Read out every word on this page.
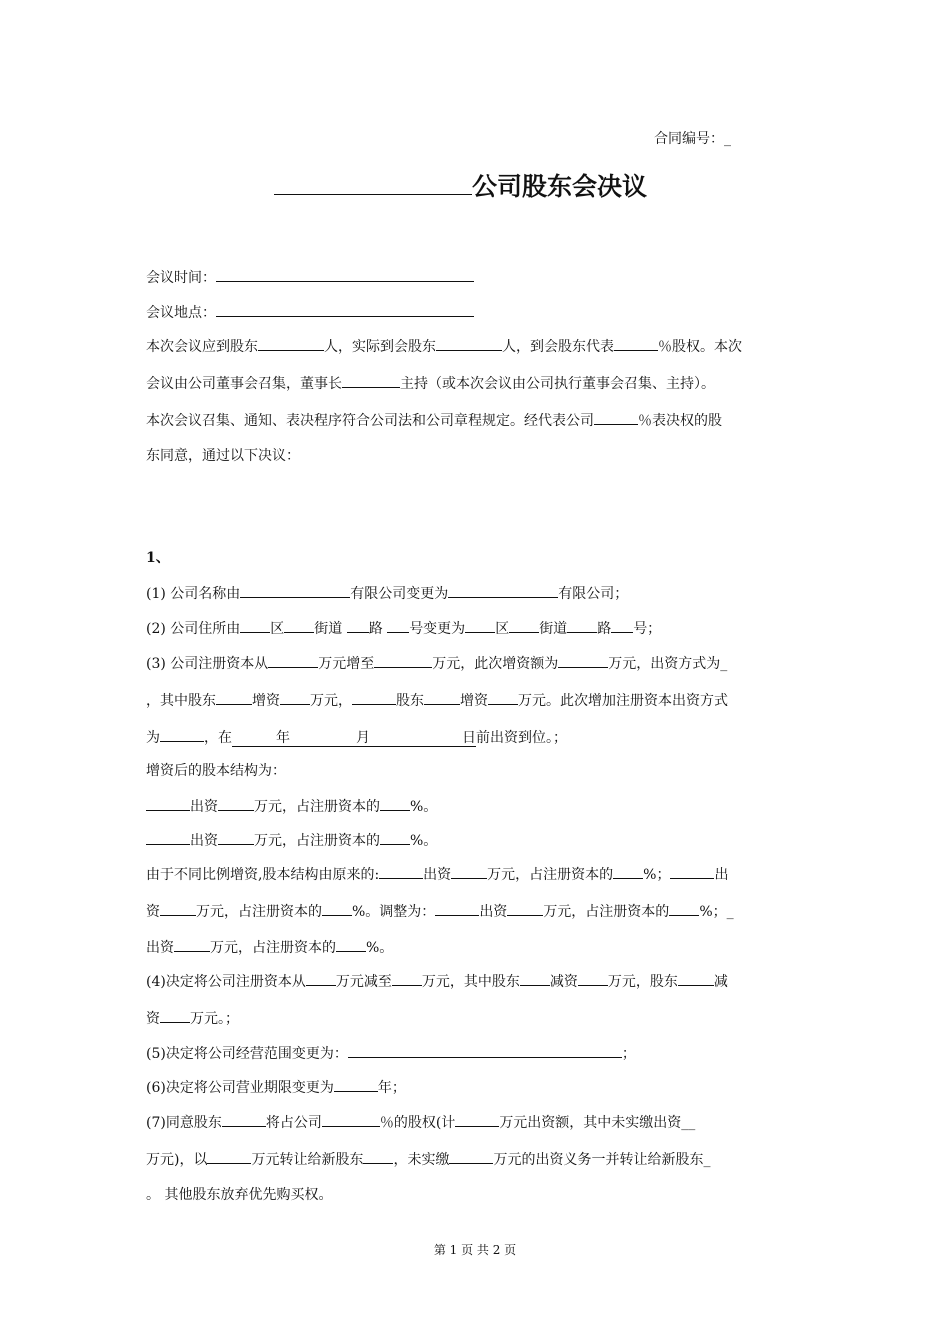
合同编号：_
公司股东会决议
会议时间：
会议地点：
本次会议应到股东	人，实际到会股东	人，到会股东代表	％股权。本次
会议由公司董事会召集，董事长	主持（或本次会议由公司执行董事会召集、主持）。
本次会议召集、通知、表决程序符合公司法和公司章程规定。经代表公司	％表决权的股
东同意，通过以下决议：
1、
(1) 公司名称由	有限公司变更为	有限公司；
(2) 公司住所由 区 街道 路 号变更为 区 街道 路 号；
(3) 公司注册资本从	万元增至	万元，此次增资额为	万元，出资方式为_
，其中股东	增资 万元，	股东	增资 万元。此次增加注册资本出资方式
为	，在	年	月	日前出资到位。；
增资后的股本结构为：
出资	万元，占注册资本的 %。
出资	万元，占注册资本的 %。
由于不同比例增资,股本结构由原来的:	出资	万元，占注册资本的 %；	出
资	万元，占注册资本的 %。调整为：	出资	万元，占注册资本的 %；_
出资	万元，占注册资本的 %。
(4)决定将公司注册资本从 万元减至 万元，其中股东 减资 万元，股东	减
资 万元。；
(5)决定将公司经营范围变更为：	；
(6)决定将公司营业期限变更为	年；
(7)同意股东	将占公司	％的股权(计	万元出资额，其中未实缴出资__
万元)，以	万元转让给新股东 ，未实缴	万元的出资义务一并转让给新股东_
。 其他股东放弃优先购买权。
第 1 页 共 2 页
